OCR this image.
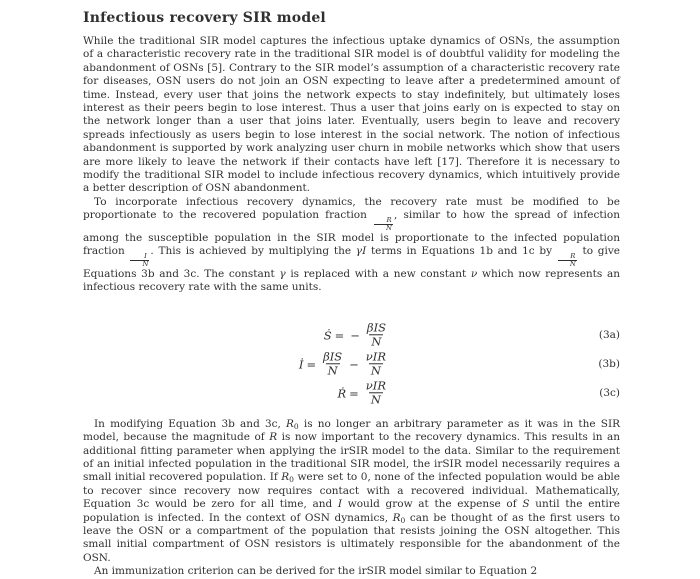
Infectious recovery SIR model

While the traditional SIR model captures the infectious uptake dynamics of OSNs, the assumption of a characteristic recovery rate in the traditional SIR model is of doubtful validity for modeling the abandonment of OSNs [5]. Contrary to the SIR model’s assumption of a characteristic recovery rate for diseases, OSN users do not join an OSN expecting to leave after a predetermined amount of time. Instead, every user that joins the network expects to stay indefinitely, but ultimately loses interest as their peers begin to lose interest. Thus a user that joins early on is expected to stay on the network longer than a user that joins later. Eventually, users begin to leave and recovery spreads infectiously as users begin to lose interest in the social network. The notion of infectious abandonment is supported by work analyzing user churn in mobile networks which show that users are more likely to leave the network if their contacts have left [17]. Therefore it is necessary to modify the traditional SIR model to include infectious recovery dynamics, which intuitively provide a better description of OSN abandonment.

To incorporate infectious recovery dynamics, the recovery rate must be modified to be proportionate to the recovered population fraction
$\frac{R}{N}$
, similar to how the spread of infection among the susceptible population in the SIR model is proportionate to the infected population fraction
$\frac{I}{N}$
. This is achieved by multiplying the γI terms in Equations 1b and 1c by
$\frac{R}{N}$
to give Equations 3b and 3c. The constant γ is replaced with a new constant ν which now represents an infectious recovery rate with the same units.

Ṡ = −
βIS
N	(3a)
İ =
βIS
N −
νIR
N	(3b)
Ṙ =
νIR
N	(3c)

In modifying Equation 3b and 3c, $R_0$ is no longer an arbitrary parameter as it was in the SIR model, because the magnitude of R is now important to the recovery dynamics. This results in an additional fitting parameter when applying the irSIR model to the data. Similar to the requirement of an initial infected population in the traditional SIR model, the irSIR model necessarily requires a small initial recovered population. If $R_0$ were set to 0, none of the infected population would be able to recover since recovery now requires contact with a recovered individual. Mathematically, Equation 3c would be zero for all time, and I would grow at the expense of S until the entire population is infected. In the context of OSN dynamics, $R_0$ can be thought of as the first users to leave the OSN or a compartment of the population that resists joining the OSN altogether. This small initial compartment of OSN resistors is ultimately responsible for the abandonment of the OSN.

An immunization criterion can be derived for the irSIR model similar to Equation 2
